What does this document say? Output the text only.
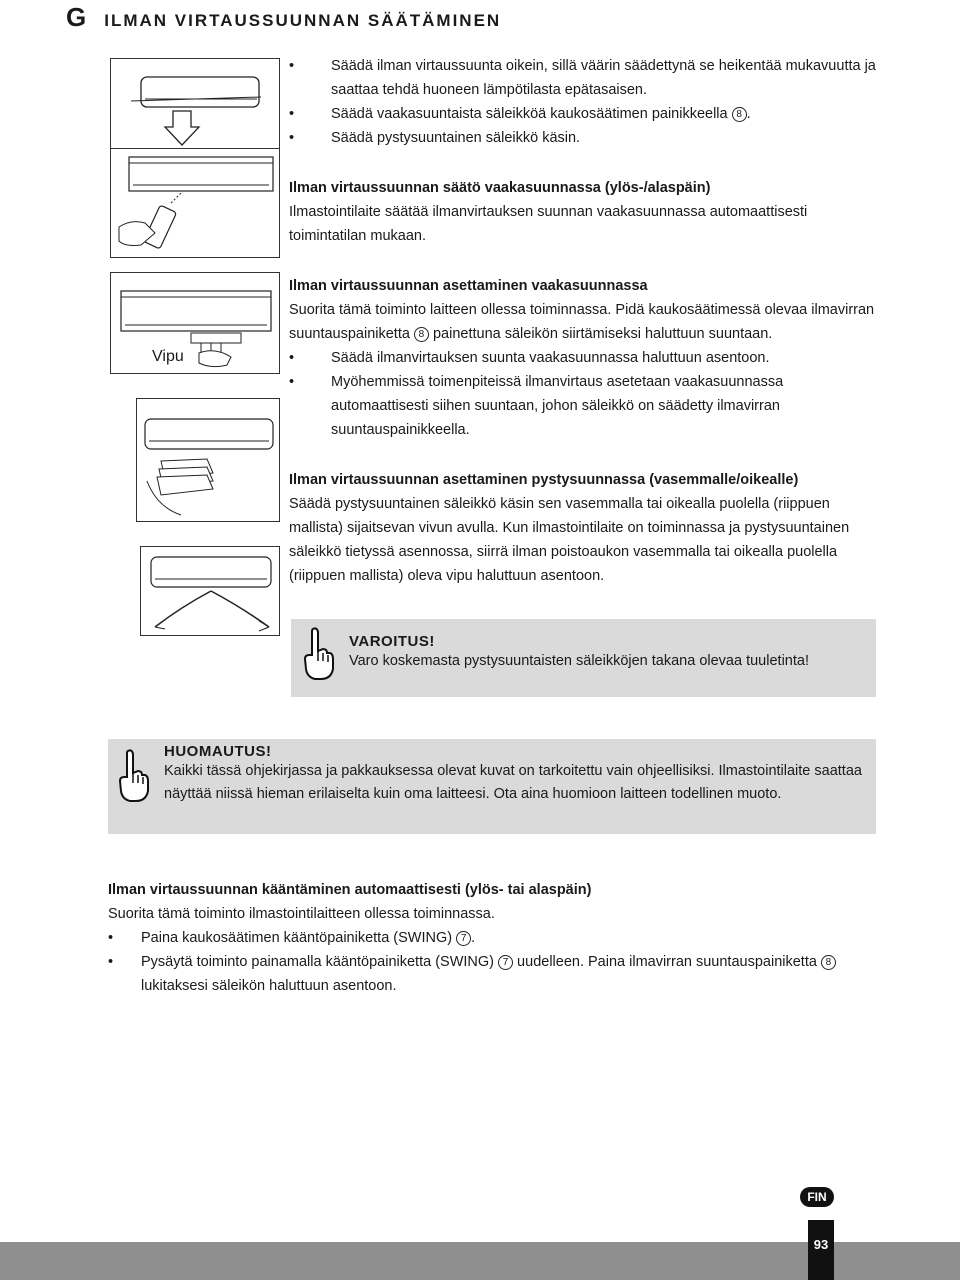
G ILMAN VIRTAUSSUUNNAN SÄÄTÄMINEN
Vipu
• Säädä ilman virtaussuunta oikein, sillä väärin säädettynä se heikentää mukavuutta ja saattaa tehdä huoneen lämpötilasta epätasaisen.
• Säädä vaakasuuntaista säleikköä kaukosäätimen painikkeella 8 .
• Säädä pystysuuntainen säleikkö käsin.

Ilman virtaussuunnan säätö vaakasuunnassa (ylös-/alaspäin)

Ilmastointilaite säätää ilmanvirtauksen suunnan vaakasuunnassa automaattisesti toimintatilan mukaan.

Ilman virtaussuunnan asettaminen vaakasuunnassa

Suorita tämä toiminto laitteen ollessa toiminnassa. Pidä kaukosäätimessä olevaa ilmavirran suuntauspainiketta 8 painettuna säleikön siirtämiseksi haluttuun suuntaan.

• Säädä ilmanvirtauksen suunta vaakasuunnassa haluttuun asentoon.
• Myöhemmissä toimenpiteissä ilmanvirtaus asetetaan vaakasuunnassa automaattisesti siihen suuntaan, johon säleikkö on säädetty ilmavirran suuntauspainikkeella.

Ilman virtaussuunnan asettaminen pystysuunnassa (vasemmalle/oikealle)

Säädä pystysuuntainen säleikkö käsin sen vasemmalla tai oikealla puolella (riippuen mallista) sijaitsevan vivun avulla. Kun ilmastointilaite on toiminnassa ja pystysuuntainen säleikkö tietyssä asennossa, siirrä ilman poistoaukon vasemmalla tai oikealla puolella (riippuen mallista) oleva vipu haluttuun asentoon.

VAROITUS!
Varo koskemasta pystysuuntaisten säleikköjen takana olevaa tuuletinta!
HUOMAUTUS!
Kaikki tässä ohjekirjassa ja pakkauksessa olevat kuvat on tarkoitettu vain ohjeellisiksi. Ilmastointilaite saattaa näyttää niissä hieman erilaiselta kuin oma laitteesi. Ota aina huomioon laitteen todellinen muoto.

Ilman virtaussuunnan kääntäminen automaattisesti (ylös- tai alaspäin)

Suorita tämä toiminto ilmastointilaitteen ollessa toiminnassa.

• Paina kaukosäätimen kääntöpainiketta (SWING) 7 .
• Pysäytä toiminto painamalla kääntöpainiketta (SWING) 7 uudelleen. Paina ilmavirran suuntauspainiketta 8 lukitaksesi säleikön haluttuun asentoon.
FIN
93
